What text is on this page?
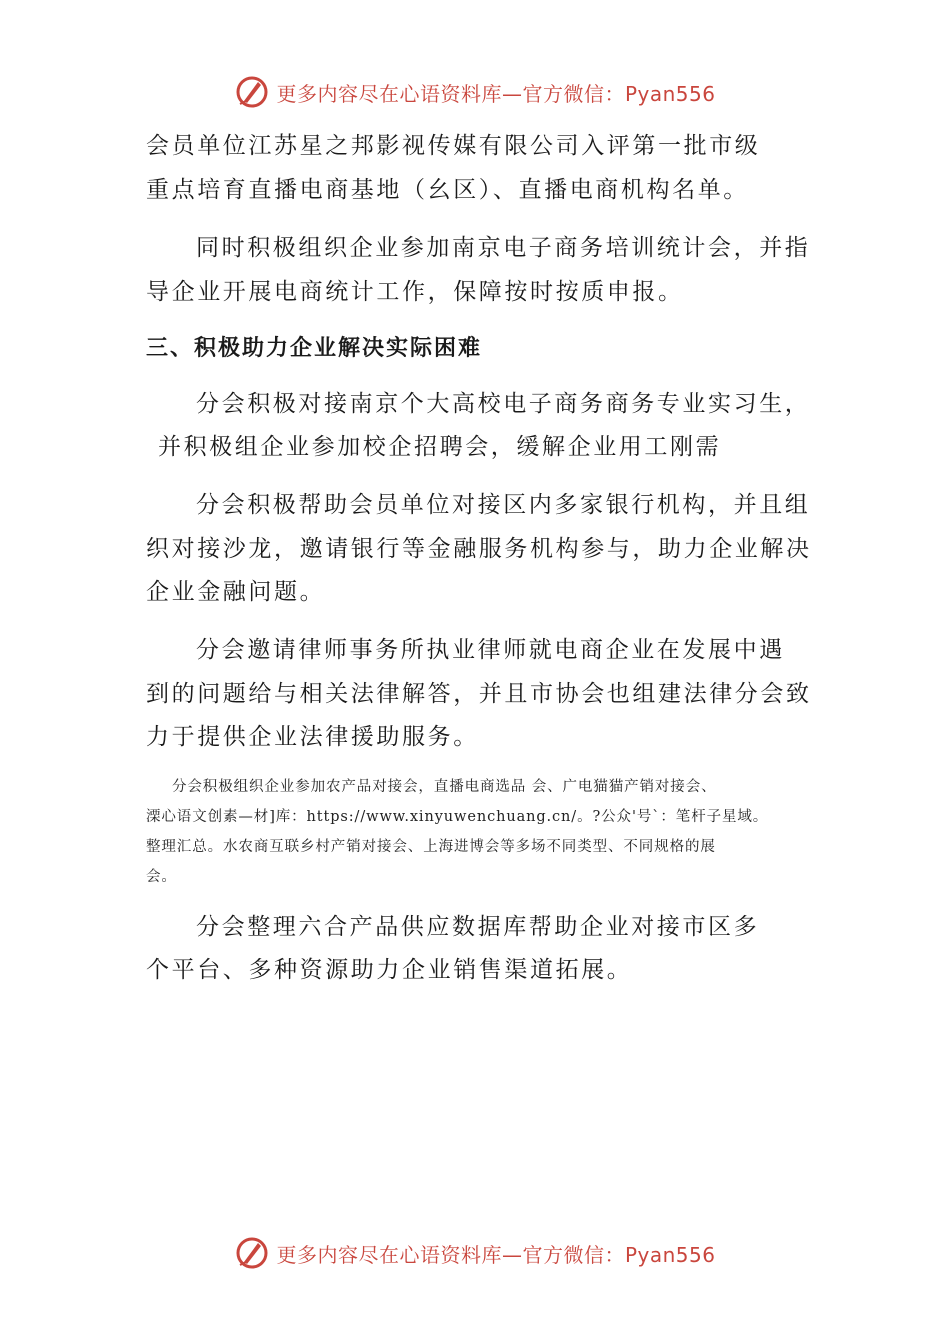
更多内容尽在心语资料库—官方微信：Pyan556
会员单位江苏星之邦影视传媒有限公司入评第一批市级
重点培育直播电商基地（幺区）、直播电商机构名单。
同时积极组织企业参加南京电子商务培训统计会，并指
导企业开展电商统计工作，保障按时按质申报。
三、积极助力企业解决实际困难
分会积极对接南京个大高校电子商务商务专业实习生，
并积极组企业参加校企招聘会，缓解企业用工刚需
分会积极帮助会员单位对接区内多家银行机构，并且组
织对接沙龙，邀请银行等金融服务机构参与，助力企业解决
企业金融问题。
分会邀请律师事务所执业律师就电商企业在发展中遇
到的问题给与相关法律解答，并且市协会也组建法律分会致
力于提供企业法律援助服务。
分会积极组织企业参加农产品对接会，直播电商选品 会、广电猫猫产销对接会、
溧心语文创素—材]库：https://www.xinyuwenchuang.cn/。?公众'号`：笔杆子星域。
整理汇总。水农商互联乡村产销对接会、上海进博会等多场不同类型、不同规格的展
会。
分会整理六合产品供应数据库帮助企业对接市区多
个平台、多种资源助力企业销售渠道拓展。
更多内容尽在心语资料库—官方微信：Pyan556
